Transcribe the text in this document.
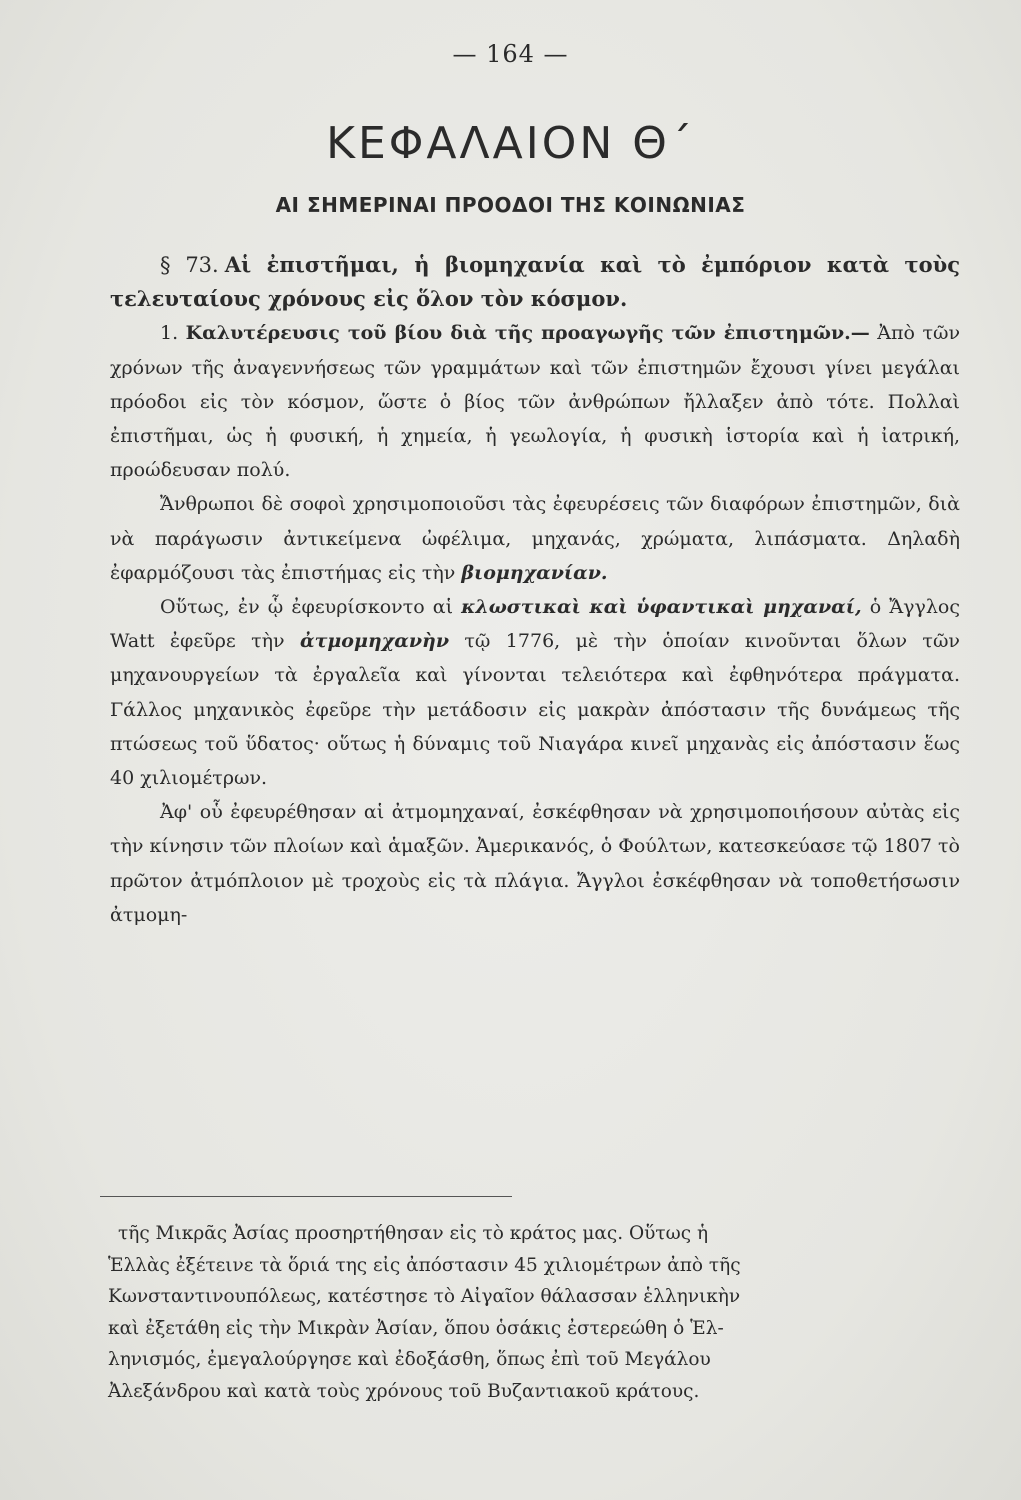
— 164 —
ΚΕΦΑΛΑΙΟΝ Θ΄
ΑΙ ΣΗΜΕΡΙΝΑΙ ΠΡΟΟΔΟΙ ΤΗΣ ΚΟΙΝΩΝΙΑΣ

§ 73. Αἱ ἐπιστῆμαι, ἡ βιομηχανία καὶ τὸ ἐμπόριον κατὰ τοὺς τελευταίους χρόνους εἰς ὅλον τὸν κόσμον.

1. Καλυτέρευσις τοῦ βίου διὰ τῆς προαγωγῆς τῶν ἐπιστημῶν.— Ἀπὸ τῶν χρόνων τῆς ἀναγεννήσεως τῶν γραμμάτων καὶ τῶν ἐπιστημῶν ἔχουσι γίνει μεγάλαι πρόοδοι εἰς τὸν κόσμον, ὥστε ὁ βίος τῶν ἀνθρώπων ἤλλαξεν ἀπὸ τότε. Πολλαὶ ἐπιστῆμαι, ὡς ἡ φυσική, ἡ χημεία, ἡ γεωλογία, ἡ φυσικὴ ἱστορία καὶ ἡ ἰατρική, προώδευσαν πολύ.

Ἄνθρωποι δὲ σοφοὶ χρησιμοποιοῦσι τὰς ἐφευρέσεις τῶν διαφόρων ἐπιστημῶν, διὰ νὰ παράγωσιν ἀντικείμενα ὠφέλιμα, μηχανάς, χρώματα, λιπάσματα. Δηλαδὴ ἐφαρμόζουσι τὰς ἐπιστήμας εἰς τὴν βιομηχανίαν.

Οὕτως, ἐν ᾧ ἐφευρίσκοντο αἱ κλωστικαὶ καὶ ὑφαντικαὶ μηχαναί, ὁ Ἄγγλος Watt ἐφεῦρε τὴν ἀτμομηχανὴν τῷ 1776, μὲ τὴν ὁποίαν κινοῦνται ὅλων τῶν μηχανουργείων τὰ ἐργαλεῖα καὶ γίνονται τελειότερα καὶ ἐφθηνότερα πράγματα. Γάλλος μηχανικὸς ἐφεῦρε τὴν μετάδοσιν εἰς μακρὰν ἀπόστασιν τῆς δυνάμεως τῆς πτώσεως τοῦ ὕδατος· οὕτως ἡ δύναμις τοῦ Νιαγάρα κινεῖ μηχανὰς εἰς ἀπόστασιν ἕως 40 χιλιομέτρων.

Ἀφ' οὗ ἐφευρέθησαν αἱ ἀτμομηχαναί, ἐσκέφθησαν νὰ χρησιμοποιήσουν αὐτὰς εἰς τὴν κίνησιν τῶν πλοίων καὶ ἁμαξῶν. Ἀμερικανός, ὁ Φούλτων, κατεσκεύασε τῷ 1807 τὸ πρῶτον ἀτμόπλοιον μὲ τροχοὺς εἰς τὰ πλάγια. Ἄγγλοι ἐσκέφθησαν νὰ τοποθετήσωσιν ἀτμομη-

τῆς Μικρᾶς Ἀσίας προσηρτήθησαν εἰς τὸ κράτος μας. Οὕτως ἡ
Ἑλλὰς ἐξέτεινε τὰ ὅριά της εἰς ἀπόστασιν 45 χιλιομέτρων ἀπὸ τῆς
Κωνσταντινουπόλεως, κατέστησε τὸ Αἰγαῖον θάλασσαν ἑλληνικὴν
καὶ ἐξετάθη εἰς τὴν Μικρὰν Ἀσίαν, ὅπου ὁσάκις ἐστερεώθη ὁ Ἑλ-
ληνισμός, ἐμεγαλούργησε καὶ ἐδοξάσθη, ὅπως ἐπὶ τοῦ Μεγάλου
Ἀλεξάνδρου καὶ κατὰ τοὺς χρόνους τοῦ Βυζαντιακοῦ κράτους.
